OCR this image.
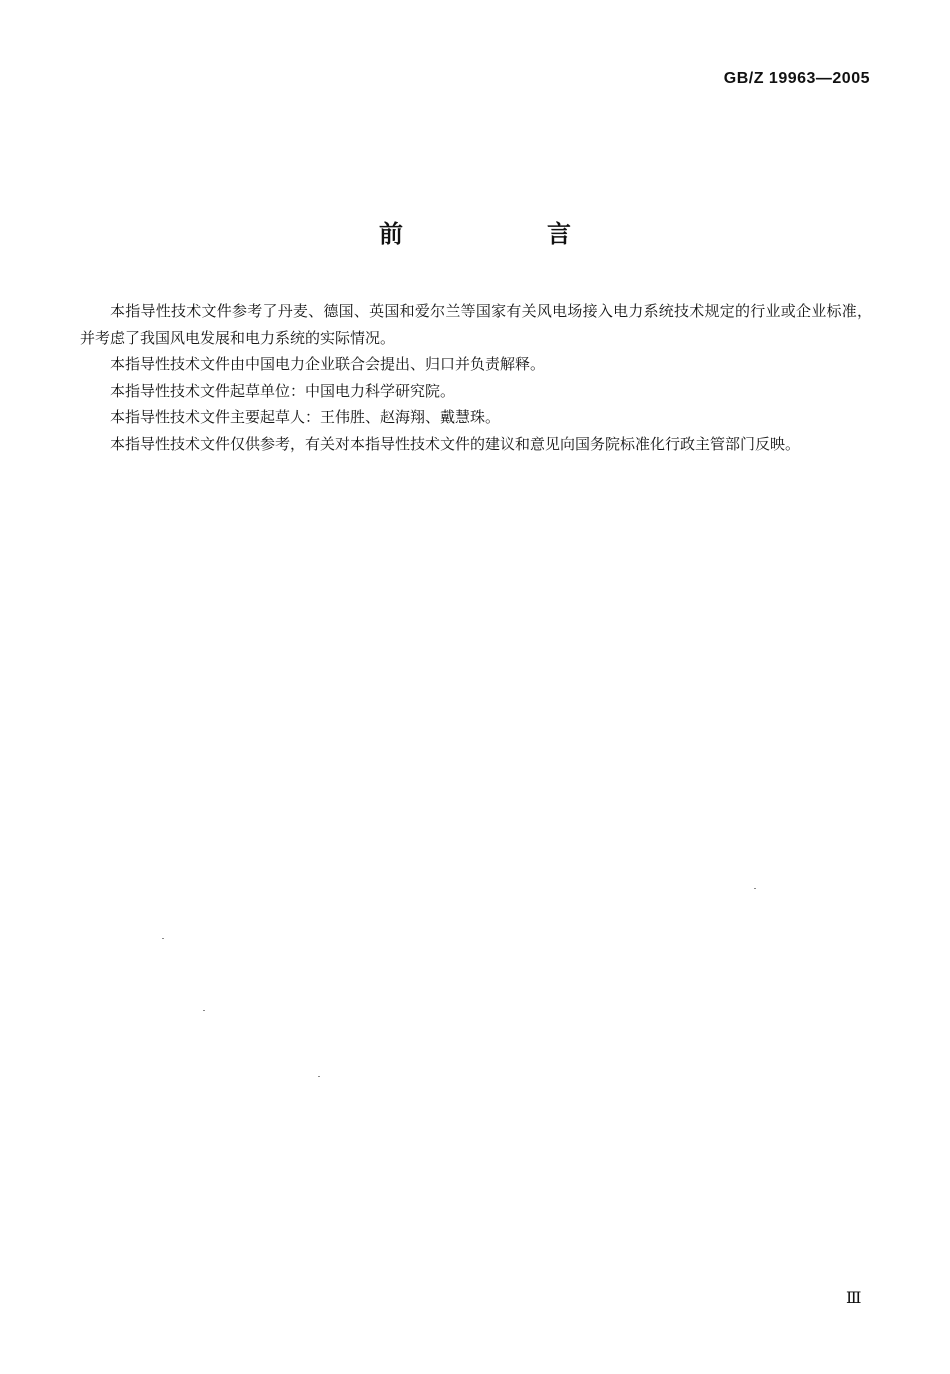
GB/Z 19963—2005
前　言

本指导性技术文件参考了丹麦、德国、英国和爱尔兰等国家有关风电场接入电力系统技术规定的行业或企业标准，并考虑了我国风电发展和电力系统的实际情况。

本指导性技术文件由中国电力企业联合会提出、归口并负责解释。

本指导性技术文件起草单位：中国电力科学研究院。

本指导性技术文件主要起草人：王伟胜、赵海翔、戴慧珠。

本指导性技术文件仅供参考，有关对本指导性技术文件的建议和意见向国务院标准化行政主管部门反映。

Ⅲ
